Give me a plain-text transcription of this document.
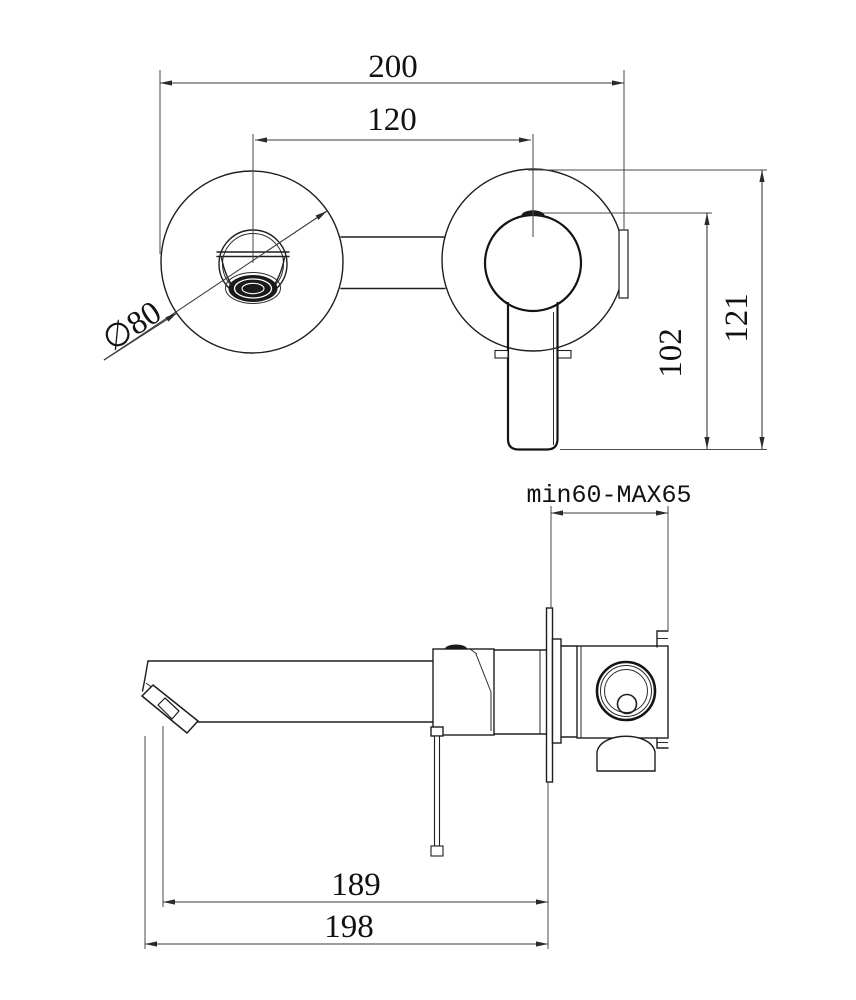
200
120
∅80	102
121
min60-MAX65
189
198
